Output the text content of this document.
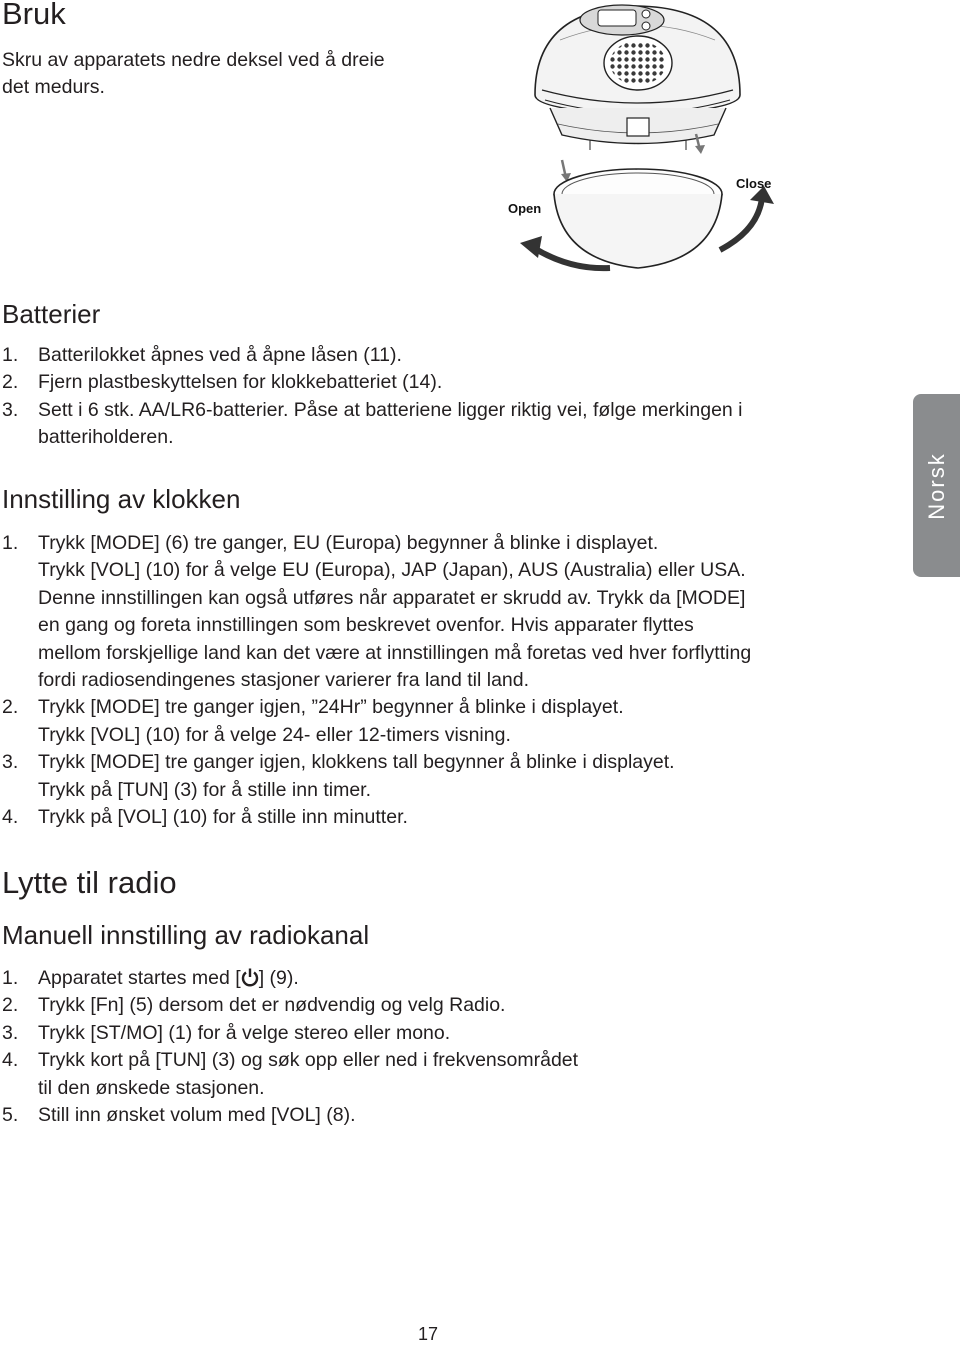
Bruk
Skru av apparatets nedre deksel ved å dreie
det medurs.
Close
Open
Batterier
1.	Batterilokket åpnes ved å åpne låsen (11).
2.	Fjern plastbeskyttelsen for klokkebatteriet (14).
3.	Sett i 6 stk. AA/LR6-batterier. Påse at batteriene ligger riktig vei, følge merkingen i
batteriholderen.
Innstilling av klokken
1.	Trykk [MODE] (6) tre ganger, EU (Europa) begynner å blinke i displayet.
Trykk [VOL] (10) for å velge EU (Europa), JAP (Japan), AUS (Australia) eller USA.
Denne innstillingen kan også utføres når apparatet er skrudd av. Trykk da [MODE]
en gang og foreta innstillingen som beskrevet ovenfor. Hvis apparater flyttes
mellom forskjellige land kan det være at innstillingen må foretas ved hver forflytting
fordi radiosendingenes stasjoner varierer fra land til land.
2.	Trykk [MODE] tre ganger igjen, ”24Hr” begynner å blinke i displayet.
Trykk [VOL] (10) for å velge 24- eller 12-timers visning.
3.	Trykk [MODE] tre ganger igjen, klokkens tall begynner å blinke i displayet.
Trykk på [TUN] (3) for å stille inn timer.
4.	Trykk på [VOL] (10) for å stille inn minutter.
Lytte til radio
Manuell innstilling av radiokanal
1.	Apparatet startes med [ ] (9).
2.	Trykk [Fn] (5) dersom det er nødvendig og velg Radio.
3.	Trykk [ST/MO] (1) for å velge stereo eller mono.
4.	Trykk kort på [TUN] (3) og søk opp eller ned i frekvensområdet
til den ønskede stasjonen.
5.	Still inn ønsket volum med [VOL] (8).
Norsk
17
